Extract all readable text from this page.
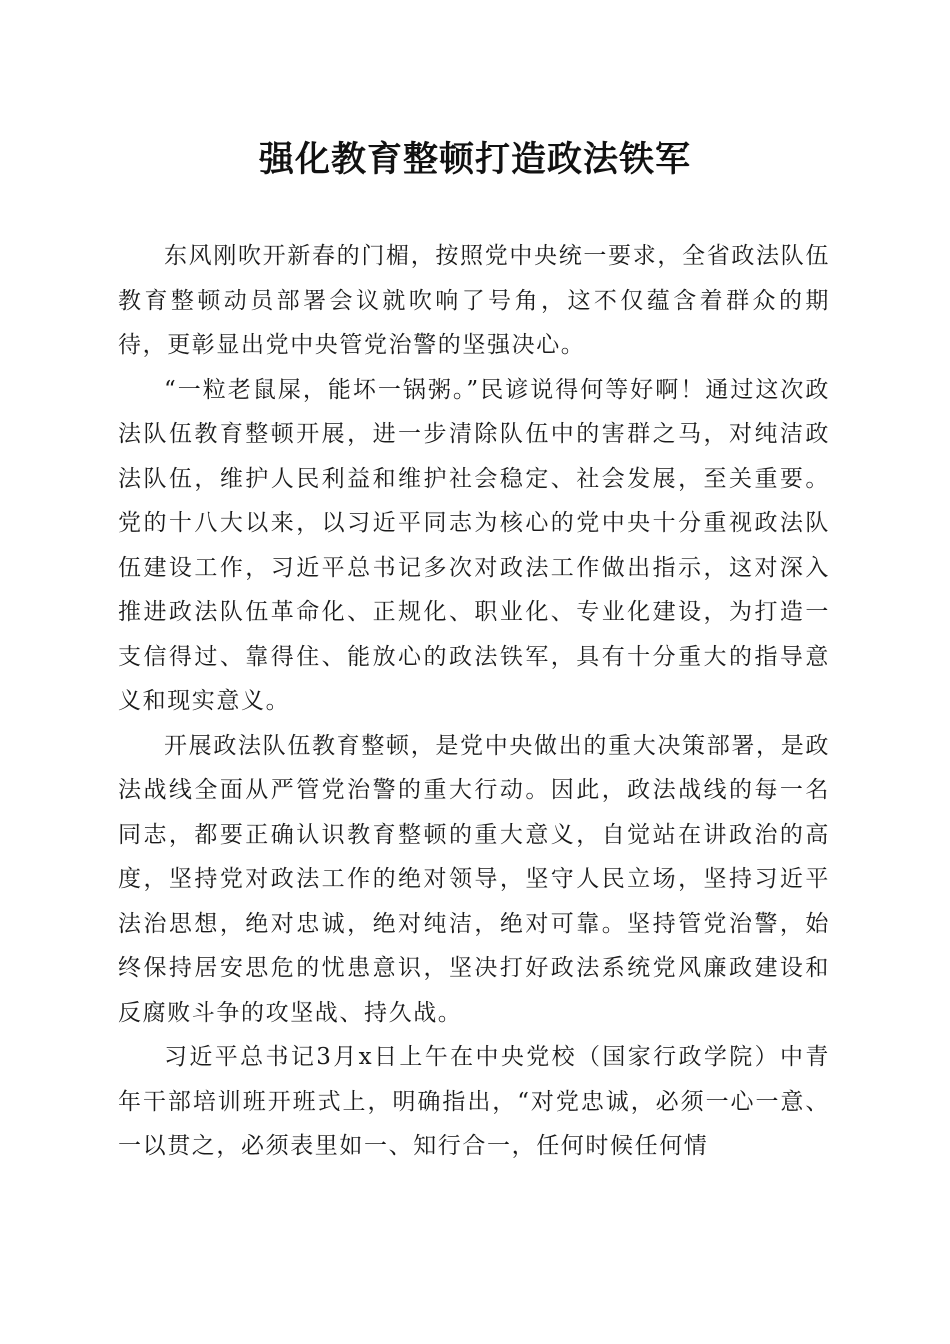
强化教育整顿打造政法铁军

东风刚吹开新春的门楣，按照党中央统一要求，全省政法队伍教育整顿动员部署会议就吹响了号角，这不仅蕴含着群众的期待，更彰显出党中央管党治警的坚强决心。

“一粒老鼠屎，能坏一锅粥。”民谚说得何等好啊！通过这次政法队伍教育整顿开展，进一步清除队伍中的害群之马，对纯洁政法队伍，维护人民利益和维护社会稳定、社会发展，至关重要。党的十八大以来，以习近平同志为核心的党中央十分重视政法队伍建设工作，习近平总书记多次对政法工作做出指示，这对深入推进政法队伍革命化、正规化、职业化、专业化建设，为打造一支信得过、靠得住、能放心的政法铁军，具有十分重大的指导意义和现实意义。

开展政法队伍教育整顿，是党中央做出的重大决策部署，是政法战线全面从严管党治警的重大行动。因此，政法战线的每一名同志，都要正确认识教育整顿的重大意义，自觉站在讲政治的高度，坚持党对政法工作的绝对领导，坚守人民立场，坚持习近平法治思想，绝对忠诚，绝对纯洁，绝对可靠。坚持管党治警，始终保持居安思危的忧患意识，坚决打好政法系统党风廉政建设和反腐败斗争的攻坚战、持久战。

习近平总书记3月x日上午在中央党校（国家行政学院）中青年干部培训班开班式上，明确指出，“对党忠诚，必须一心一意、一以贯之，必须表里如一、知行合一，任何时候任何情
